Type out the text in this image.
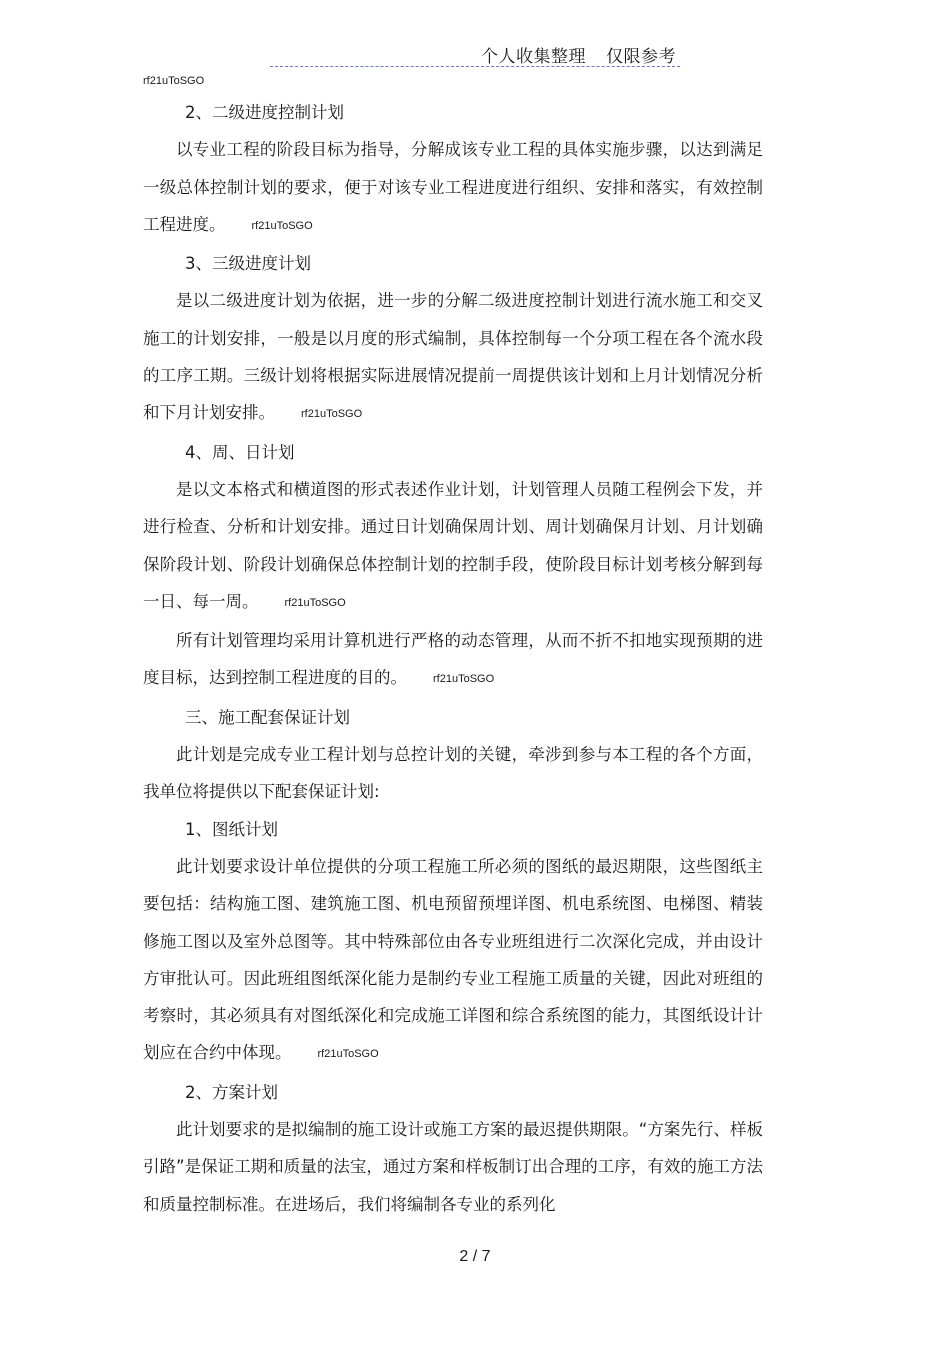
个人收集整理 仅限参考
rf21uToSGO

2、二级进度控制计划

以专业工程的阶段目标为指导，分解成该专业工程的具体实施步骤，以达到满足一级总体控制计划的要求，便于对该专业工程进度进行组织、安排和落实，有效控制工程进度。 rf21uToSGO

3、三级进度计划

是以二级进度计划为依据，进一步的分解二级进度控制计划进行流水施工和交叉施工的计划安排，一般是以月度的形式编制，具体控制每一个分项工程在各个流水段的工序工期。三级计划将根据实际进展情况提前一周提供该计划和上月计划情况分析和下月计划安排。 rf21uToSGO

4、周、日计划

是以文本格式和横道图的形式表述作业计划，计划管理人员随工程例会下发，并进行检查、分析和计划安排。通过日计划确保周计划、周计划确保月计划、月计划确保阶段计划、阶段计划确保总体控制计划的控制手段，使阶段目标计划考核分解到每一日、每一周。 rf21uToSGO

所有计划管理均采用计算机进行严格的动态管理，从而不折不扣地实现预期的进度目标，达到控制工程进度的目的。 rf21uToSGO

三、施工配套保证计划

此计划是完成专业工程计划与总控计划的关键，牵涉到参与本工程的各个方面，我单位将提供以下配套保证计划:

1、图纸计划

此计划要求设计单位提供的分项工程施工所必须的图纸的最迟期限，这些图纸主要包括：结构施工图、建筑施工图、机电预留预埋详图、机电系统图、电梯图、精装修施工图以及室外总图等。其中特殊部位由各专业班组进行二次深化完成，并由设计方审批认可。因此班组图纸深化能力是制约专业工程施工质量的关键，因此对班组的考察时，其必须具有对图纸深化和完成施工详图和综合系统图的能力，其图纸设计计划应在合约中体现。 rf21uToSGO

2、方案计划

此计划要求的是拟编制的施工设计或施工方案的最迟提供期限。“方案先行、样板引路”是保证工期和质量的法宝，通过方案和样板制订出合理的工序，有效的施工方法和质量控制标准。在进场后，我们将编制各专业的系列化

2 / 7
